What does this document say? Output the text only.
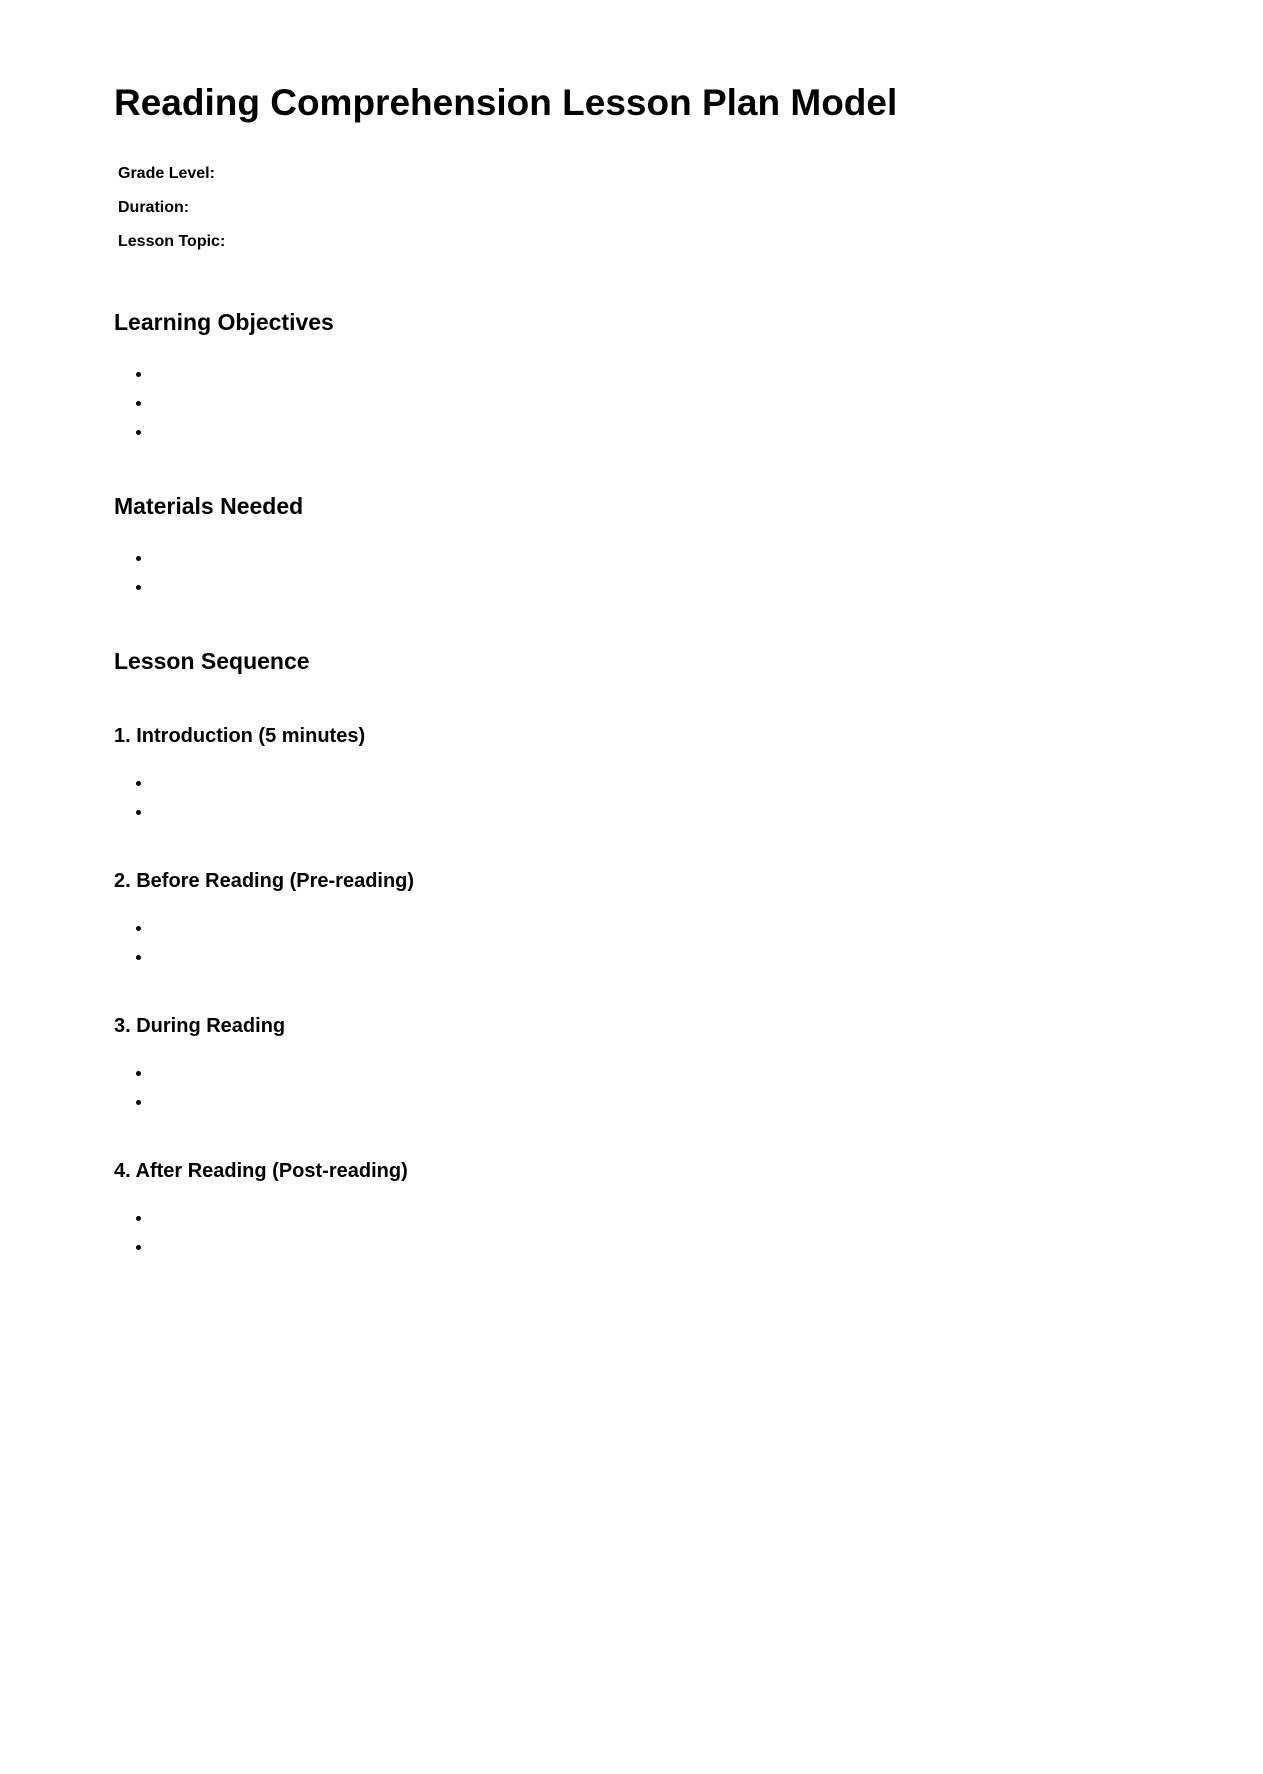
Reading Comprehension Lesson Plan Model
Grade Level:
Duration:
Lesson Topic:
Learning Objectives
Materials Needed
Lesson Sequence
1. Introduction (5 minutes)
2. Before Reading (Pre-reading)
3. During Reading
4. After Reading (Post-reading)
